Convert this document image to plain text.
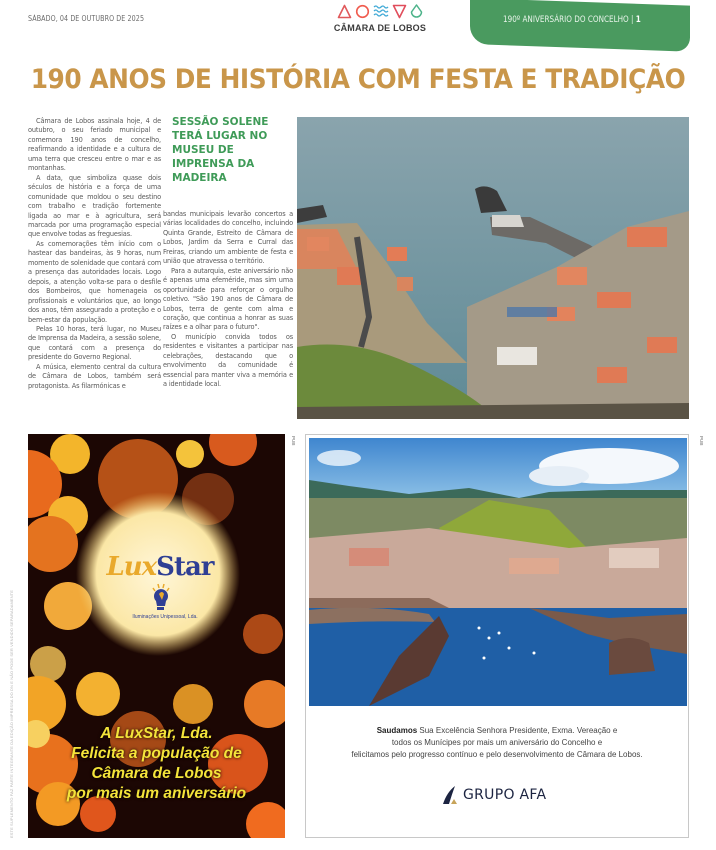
SÁBADO, 04 DE OUTUBRO DE 2025
CÂMARA DE LOBOS
190º ANIVERSÁRIO DO CONCELHO | 1
190 ANOS DE HISTÓRIA COM FESTA E TRADIÇÃO

Câmara de Lobos assinala hoje, 4 de outubro, o seu feriado municipal e comemora 190 anos de concelho, reafirmando a identidade e a cultura de uma terra que cresceu entre o mar e as montanhas.

A data, que simboliza quase dois séculos de história e a força de uma comunidade que moldou o seu destino com trabalho e tradição fortemente ligada ao mar e à agricultura, será marcada por uma programação especial que envolve todas as freguesias.

As comemorações têm início com o hastear das bandeiras, às 9 horas, num momento de solenidade que contará com a presença das autoridades locais. Logo depois, a atenção volta-se para o desfile dos Bombeiros, que homenageia os profissionais e voluntários que, ao longo dos anos, têm assegurado a proteção e o bem-estar da população.

Pelas 10 horas, terá lugar, no Museu de Imprensa da Madeira, a sessão solene, que contará com a presença do presidente do Governo Regional.

A música, elemento central da cultura de Câmara de Lobos, também será protagonista. As filarmónicas e

SESSÃO SOLENE TERÁ LUGAR NO MUSEU DE IMPRENSA DA MADEIRA

bandas municipais levarão concertos a várias localidades do concelho, incluindo Quinta Grande, Estreito de Câmara de Lobos, Jardim da Serra e Curral das Freiras, criando um ambiente de festa e união que atravessa o território.

Para a autarquia, este aniversário não é apenas uma efeméride, mas sim uma oportunidade para reforçar o orgulho coletivo. "São 190 anos de Câmara de Lobos, terra de gente com alma e coração, que continua a honrar as suas raízes e a olhar para o futuro".

O município convida todos os residentes e visitantes a participar nas celebrações, destacando que o envolvimento da comunidade é essencial para manter viva a memória e a identidade local.

LuxStar
Iluminações Unipessoal, Lda.
A LuxStar, Lda.
Felicita a população de
Câmara de Lobos
por mais um aniversário
PUB
Saudamos Sua Excelência Senhora Presidente, Exma. Vereação e
todos os Munícipes por mais um aniversário do Concelho e
felicitamos pelo progresso contínuo e pelo desenvolvimento de Câmara de Lobos.
GRUPO AFA
PUB
ESTE SUPLEMENTO FAZ PARTE INTEGRANTE DA EDIÇÃO IMPRESSA DO DN E NÃO PODE SER VENDIDO SEPARADAMENTE
